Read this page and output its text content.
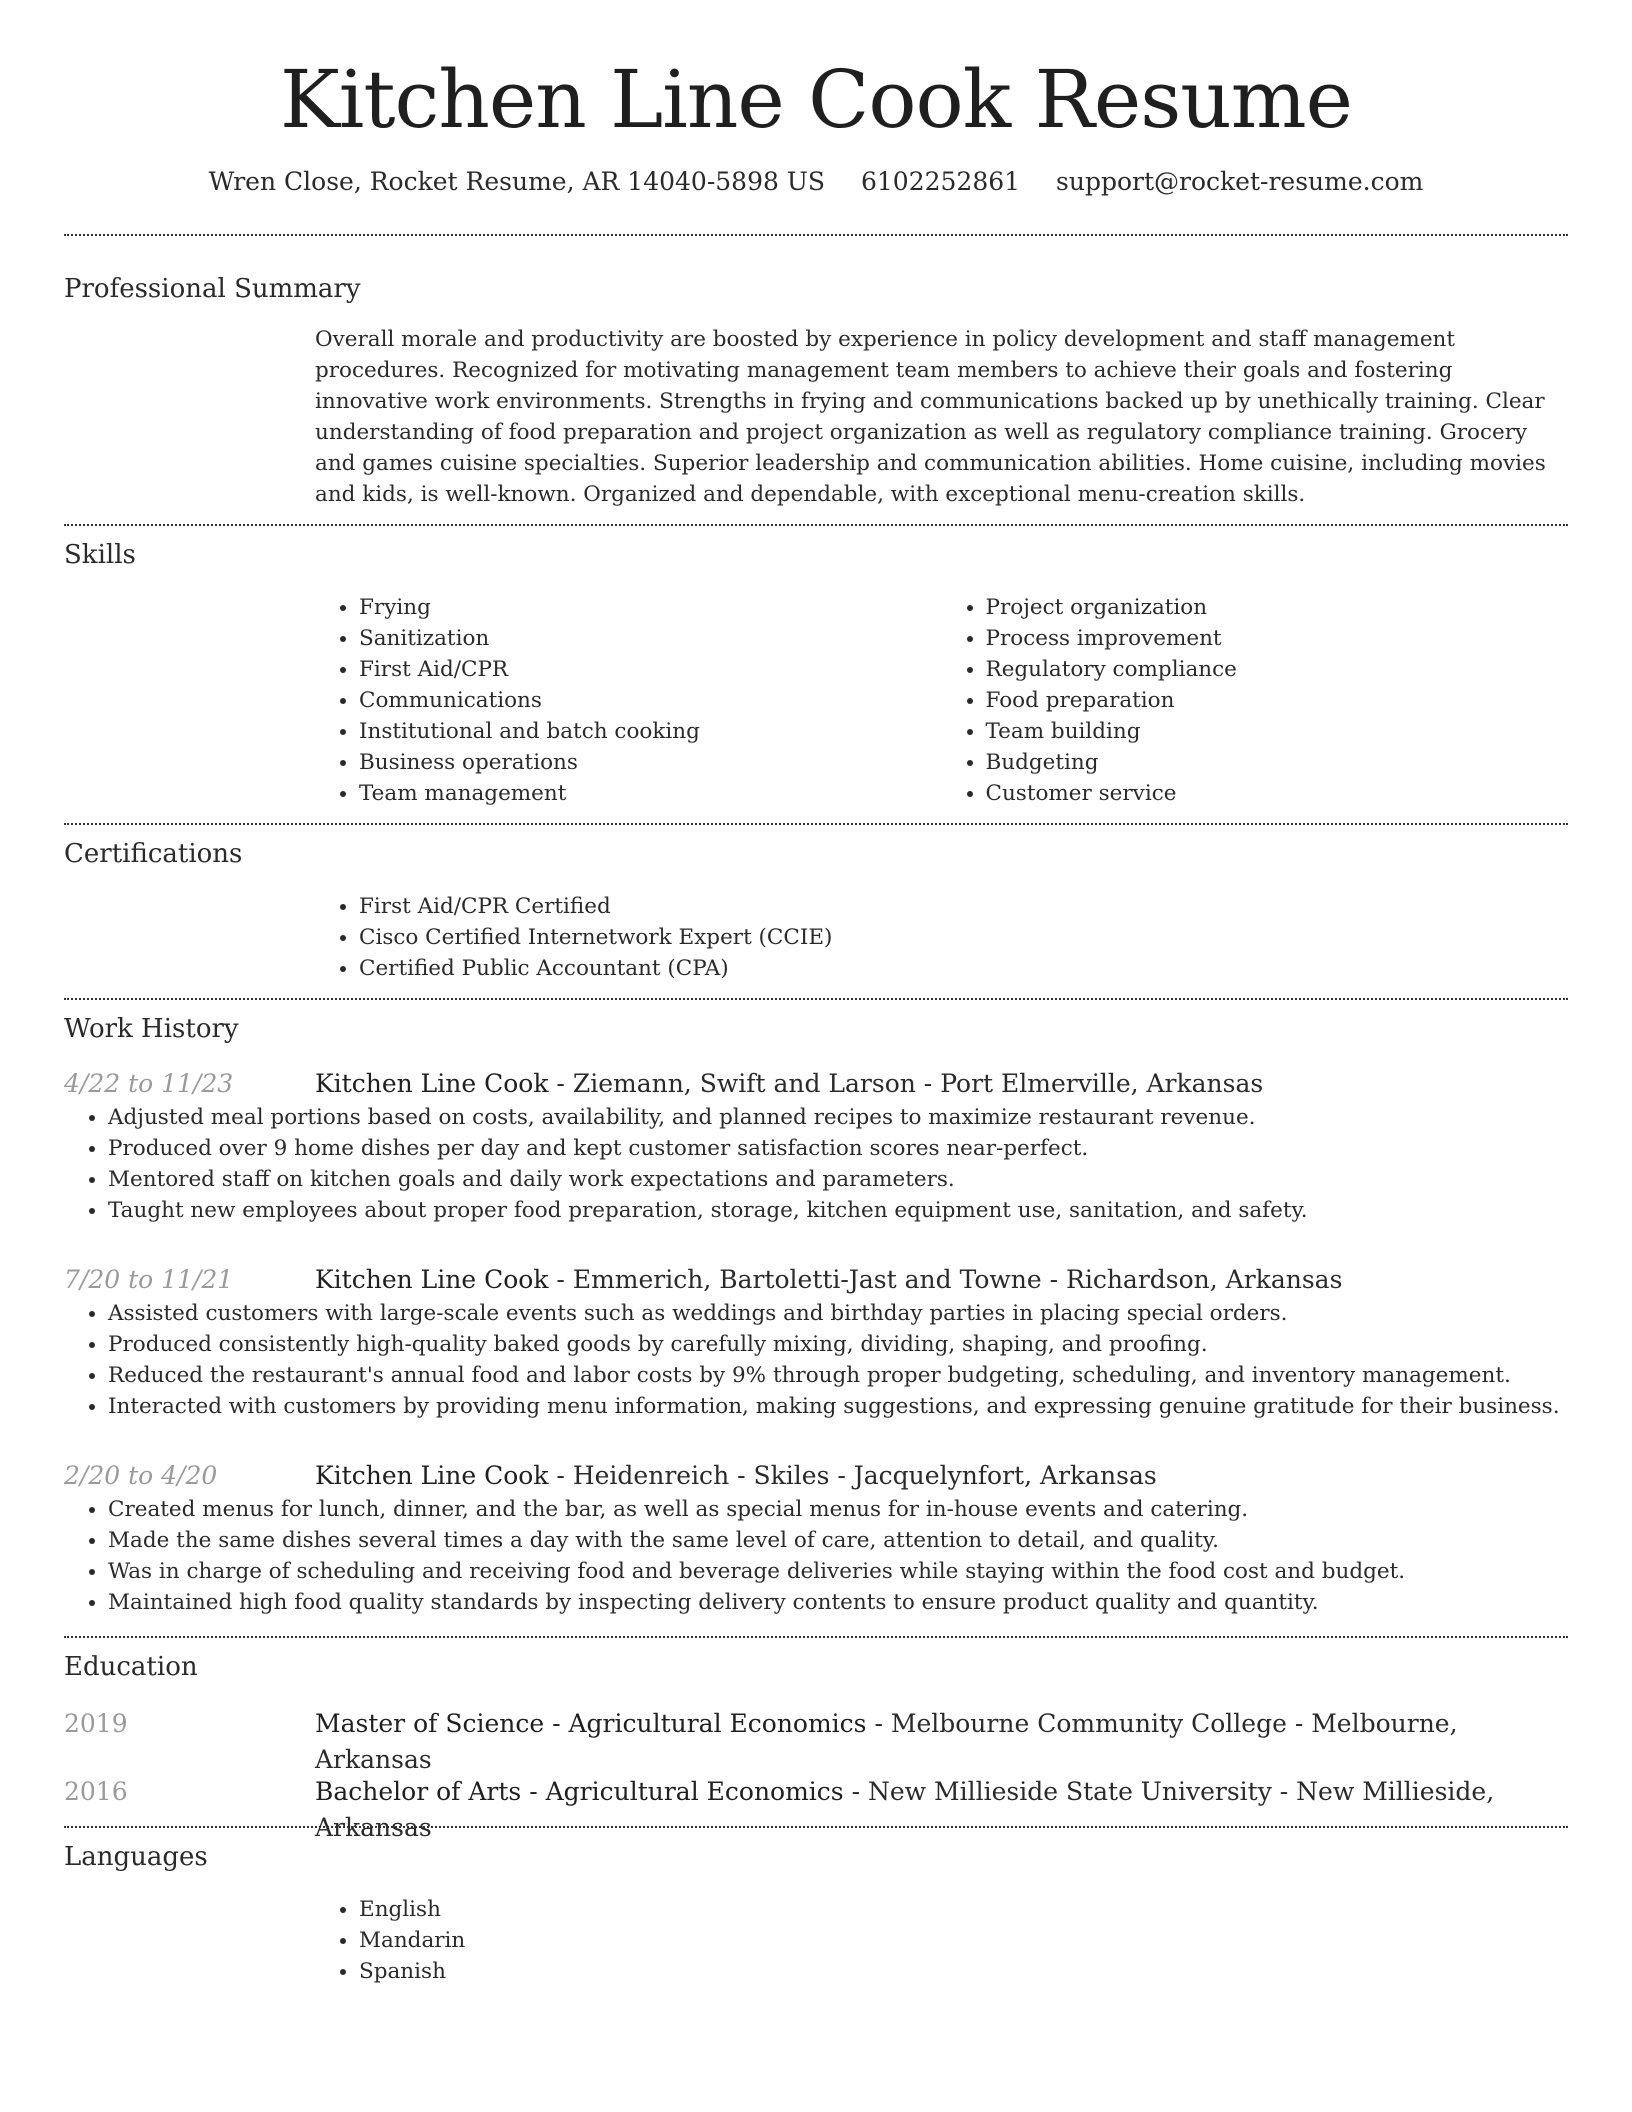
Kitchen Line Cook Resume
Wren Close, Rocket Resume, AR 14040-5898 US 6102252861 support@rocket-resume.com
Professional Summary

Overall morale and productivity are boosted by experience in policy development and staff management procedures. Recognized for motivating management team members to achieve their goals and fostering innovative work environments. Strengths in frying and communications backed up by unethically training. Clear understanding of food preparation and project organization as well as regulatory compliance training. Grocery and games cuisine specialties. Superior leadership and communication abilities. Home cuisine, including movies and kids, is well-known. Organized and dependable, with exceptional menu-creation skills.

Skills
• Frying
• Sanitization
• First Aid/CPR
• Communications
• Institutional and batch cooking
• Business operations
• Team management
• Project organization
• Process improvement
• Regulatory compliance
• Food preparation
• Team building
• Budgeting
• Customer service
Certifications
• First Aid/CPR Certified
• Cisco Certified Internetwork Expert (CCIE)
• Certified Public Accountant (CPA)
Work History
4/22 to 11/23	Kitchen Line Cook - Ziemann, Swift and Larson - Port Elmerville, Arkansas
• Adjusted meal portions based on costs, availability, and planned recipes to maximize restaurant revenue.
• Produced over 9 home dishes per day and kept customer satisfaction scores near-perfect.
• Mentored staff on kitchen goals and daily work expectations and parameters.
• Taught new employees about proper food preparation, storage, kitchen equipment use, sanitation, and safety.
7/20 to 11/21	Kitchen Line Cook - Emmerich, Bartoletti-Jast and Towne - Richardson, Arkansas
• Assisted customers with large-scale events such as weddings and birthday parties in placing special orders.
• Produced consistently high-quality baked goods by carefully mixing, dividing, shaping, and proofing.
• Reduced the restaurant's annual food and labor costs by 9% through proper budgeting, scheduling, and inventory management.
• Interacted with customers by providing menu information, making suggestions, and expressing genuine gratitude for their business.
2/20 to 4/20	Kitchen Line Cook - Heidenreich - Skiles - Jacquelynfort, Arkansas
• Created menus for lunch, dinner, and the bar, as well as special menus for in-house events and catering.
• Made the same dishes several times a day with the same level of care, attention to detail, and quality.
• Was in charge of scheduling and receiving food and beverage deliveries while staying within the food cost and budget.
• Maintained high food quality standards by inspecting delivery contents to ensure product quality and quantity.
Education
2019	Master of Science - Agricultural Economics - Melbourne Community College - Melbourne, Arkansas
2016	Bachelor of Arts - Agricultural Economics - New Millieside State University - New Millieside, Arkansas
Languages
• English
• Mandarin
• Spanish
